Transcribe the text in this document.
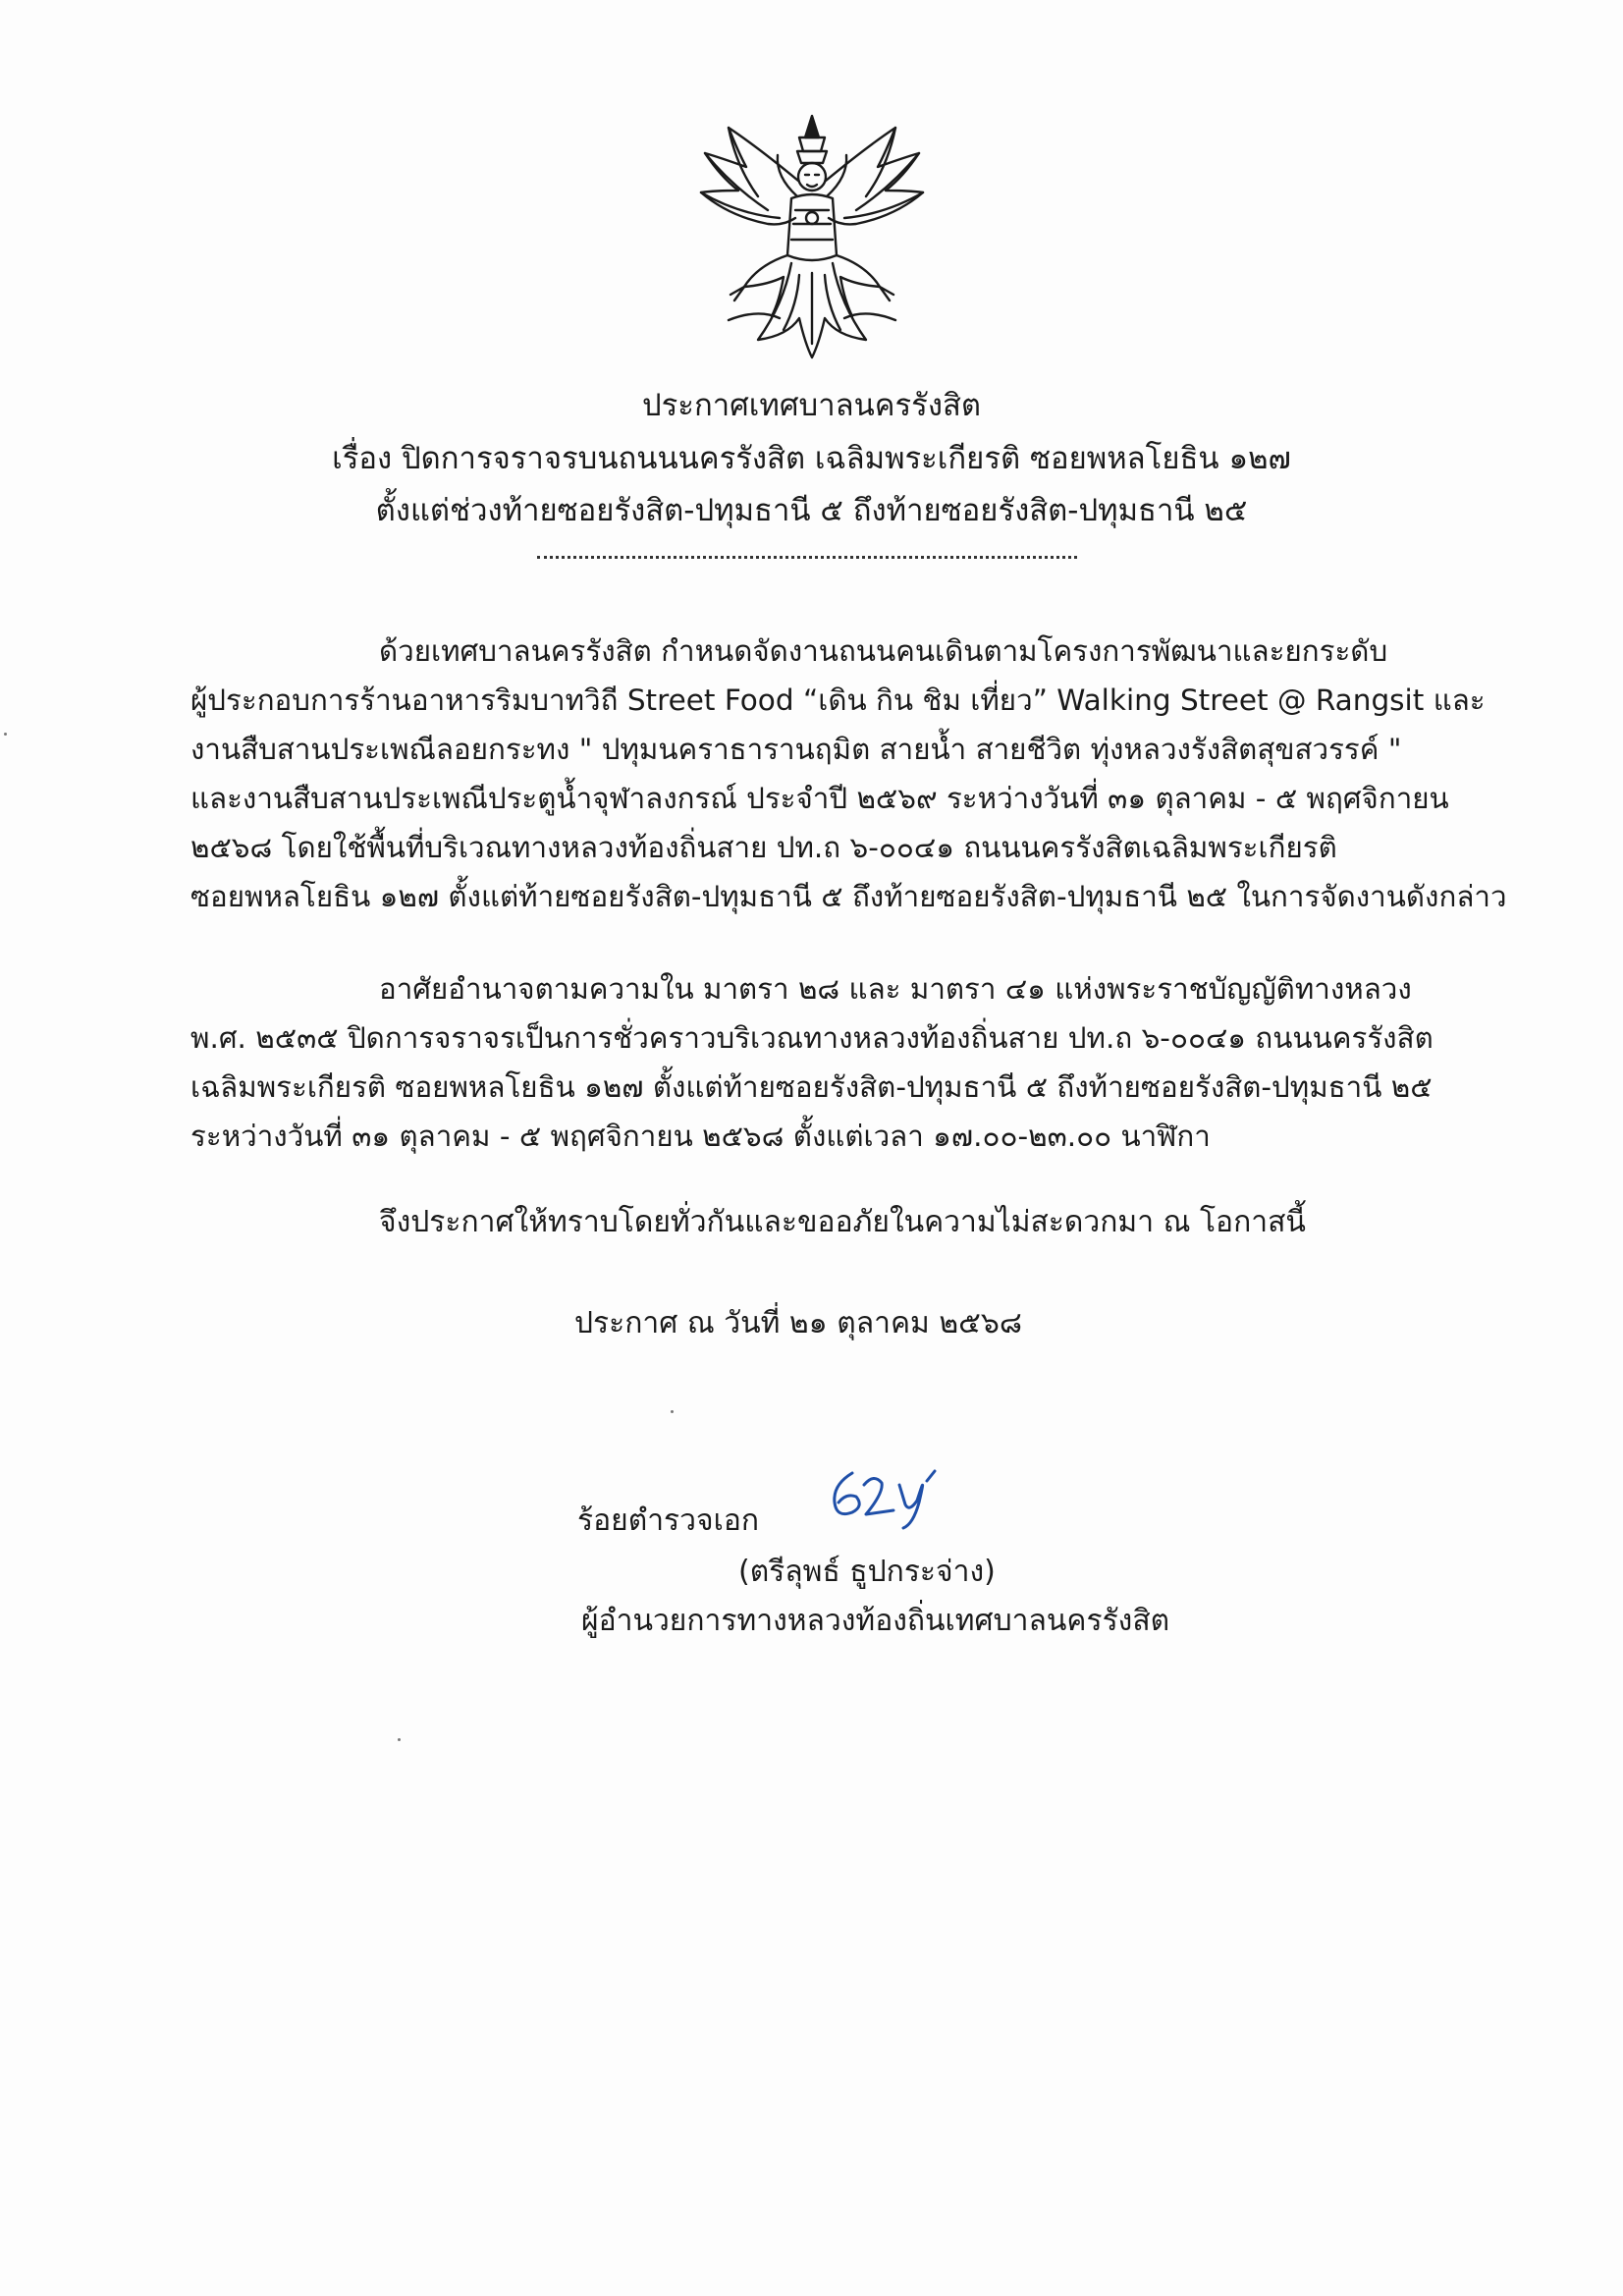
ประกาศเทศบาลนครรังสิต
เรื่อง ปิดการจราจรบนถนนนครรังสิต เฉลิมพระเกียรติ ซอยพหลโยธิน ๑๒๗
ตั้งแต่ช่วงท้ายซอยรังสิต-ปทุมธานี ๕ ถึงท้ายซอยรังสิต-ปทุมธานี ๒๕
ด้วยเทศบาลนครรังสิต กำหนดจัดงานถนนคนเดินตามโครงการพัฒนาและยกระดับ
ผู้ประกอบการร้านอาหารริมบาทวิถี Street Food “เดิน กิน ชิม เที่ยว” Walking Street @ Rangsit และ
งานสืบสานประเพณีลอยกระทง " ปทุมนคราธารานฤมิต สายน้ำ สายชีวิต ทุ่งหลวงรังสิตสุขสวรรค์ "
และงานสืบสานประเพณีประตูน้ำจุฬาลงกรณ์ ประจำปี ๒๕๖๙ ระหว่างวันที่ ๓๑ ตุลาคม - ๕ พฤศจิกายน
๒๕๖๘ โดยใช้พื้นที่บริเวณทางหลวงท้องถิ่นสาย ปท.ถ ๖-๐๐๔๑ ถนนนครรังสิตเฉลิมพระเกียรติ
ซอยพหลโยธิน ๑๒๗ ตั้งแต่ท้ายซอยรังสิต-ปทุมธานี ๕ ถึงท้ายซอยรังสิต-ปทุมธานี ๒๕ ในการจัดงานดังกล่าว
อาศัยอำนาจตามความใน มาตรา ๒๘ และ มาตรา ๔๑ แห่งพระราชบัญญัติทางหลวง
พ.ศ. ๒๕๓๕ ปิดการจราจรเป็นการชั่วคราวบริเวณทางหลวงท้องถิ่นสาย ปท.ถ ๖-๐๐๔๑ ถนนนครรังสิต
เฉลิมพระเกียรติ ซอยพหลโยธิน ๑๒๗ ตั้งแต่ท้ายซอยรังสิต-ปทุมธานี ๕ ถึงท้ายซอยรังสิต-ปทุมธานี ๒๕
ระหว่างวันที่ ๓๑ ตุลาคม - ๕ พฤศจิกายน ๒๕๖๘ ตั้งแต่เวลา ๑๗.๐๐-๒๓.๐๐ นาฬิกา
จึงประกาศให้ทราบโดยทั่วกันและขออภัยในความไม่สะดวกมา ณ โอกาสนี้
ประกาศ ณ วันที่ ๒๑ ตุลาคม ๒๕๖๘
ร้อยตำรวจเอก
(ตรีลุพธ์ ธูปกระจ่าง)
ผู้อำนวยการทางหลวงท้องถิ่นเทศบาลนครรังสิต
